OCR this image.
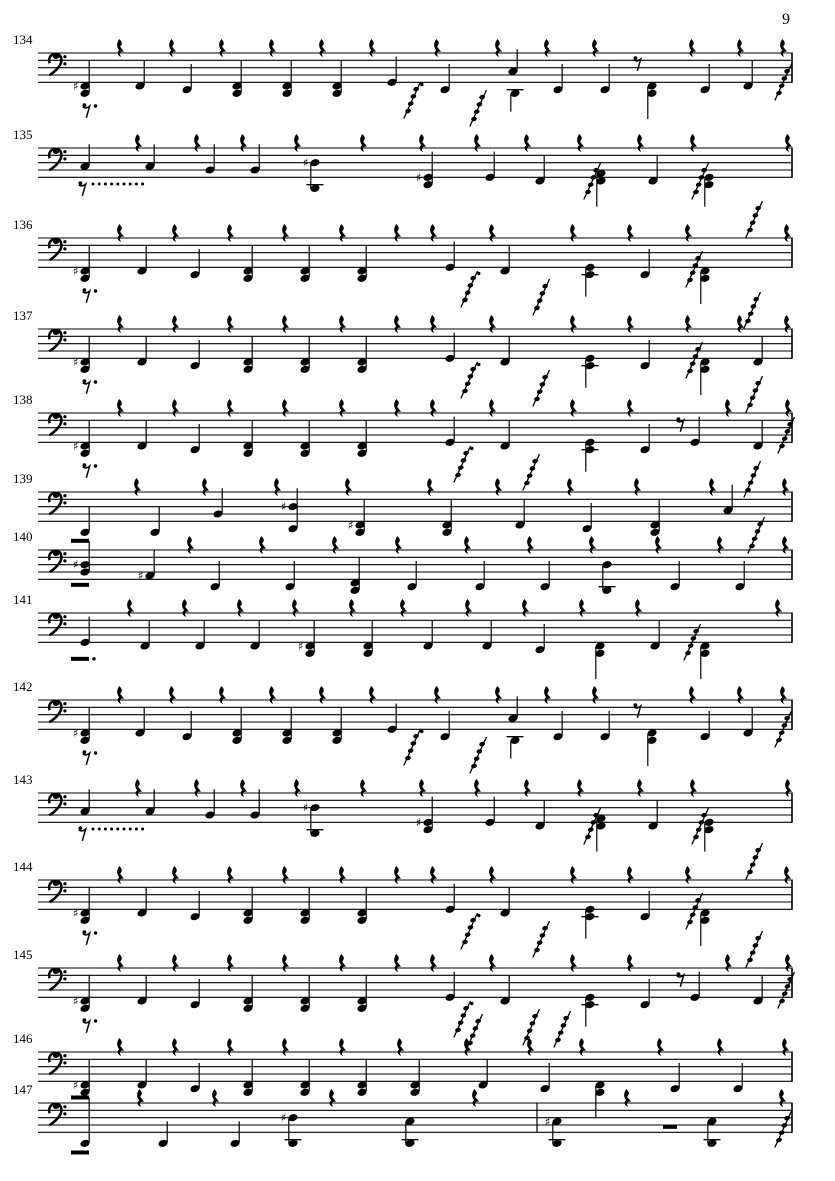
9
134
♯
135
♯
♯
136
♯
137
♯
138
♯
139
♯
♯
140
♯
♯
141
♯
142
♯
143
♯
♯
144
♯
145
♯
146
♯
147
♯	♯
